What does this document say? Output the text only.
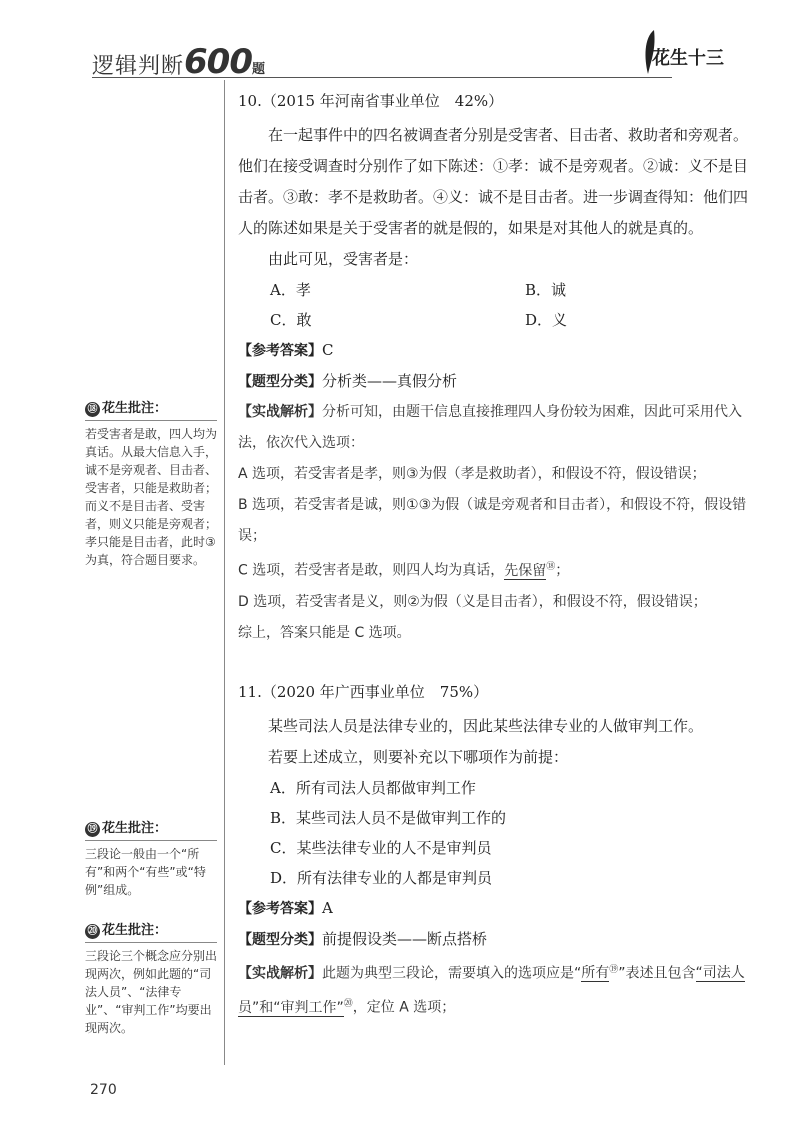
逻辑判断600题
花生十三
⑱ 花生批注：

若受害者是敢，四人均为真话。从最大信息入手，诚不是旁观者、目击者、受害者，只能是救助者；而义不是目击者、受害者，则义只能是旁观者；孝只能是目击者，此时③为真，符合题目要求。

⑲ 花生批注：

三段论一般由一个“所有”和两个“有些”或“特例”组成。

⑳ 花生批注：

三段论三个概念应分别出现两次，例如此题的“司法人员”、“法律专业”、“审判工作”均要出现两次。

10.（2015 年河南省事业单位　42%）

在一起事件中的四名被调查者分别是受害者、目击者、救助者和旁观者。他们在接受调查时分别作了如下陈述：①孝：诚不是旁观者。②诚：义不是目击者。③敢：孝不是救助者。④义：诚不是目击者。进一步调查得知：他们四人的陈述如果是关于受害者的就是假的，如果是对其他人的就是真的。

由此可见，受害者是：

A．孝	B．诚
C．敢	D．义

【参考答案】C

【题型分类】分析类——真假分析

【实战解析】分析可知，由题干信息直接推理四人身份较为困难，因此可采用代入法，依次代入选项：

A 选项，若受害者是孝，则③为假（孝是救助者），和假设不符，假设错误；

B 选项，若受害者是诚，则①③为假（诚是旁观者和目击者），和假设不符，假设错误；

C 选项，若受害者是敢，则四人均为真话，先保留⑱；

D 选项，若受害者是义，则②为假（义是目击者），和假设不符，假设错误；

综上，答案只能是 C 选项。

11.（2020 年广西事业单位　75%）

某些司法人员是法律专业的，因此某些法律专业的人做审判工作。

若要上述成立，则要补充以下哪项作为前提：

A．所有司法人员都做审判工作
B．某些司法人员不是做审判工作的
C．某些法律专业的人不是审判员
D．所有法律专业的人都是审判员

【参考答案】A

【题型分类】前提假设类——断点搭桥

【实战解析】此题为典型三段论，需要填入的选项应是“所有⑲”表述且包含“司法人员”和“审判工作”⑳，定位 A 选项；

270
